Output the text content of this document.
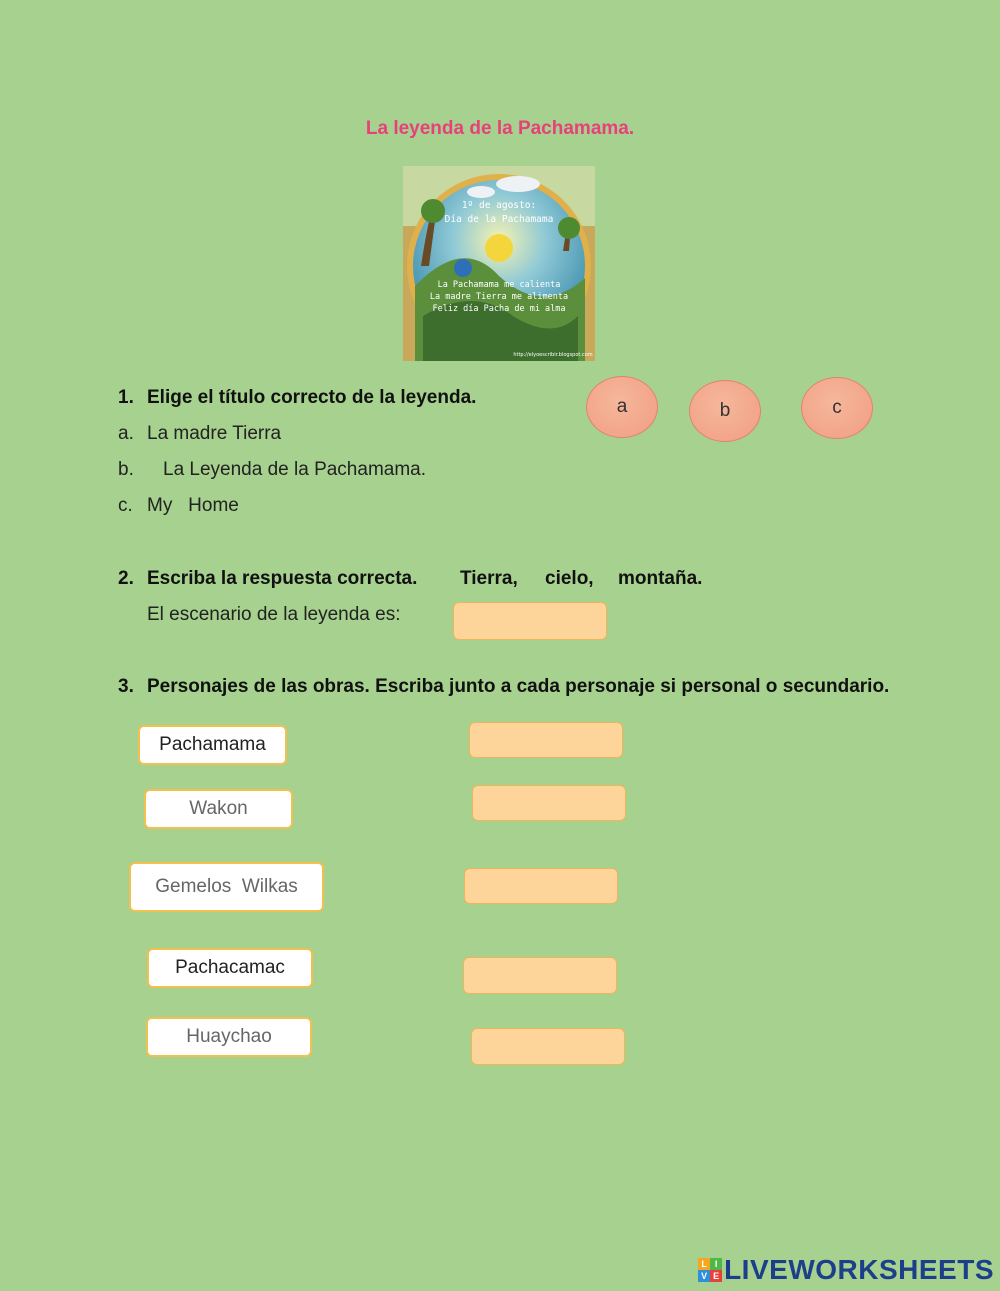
La leyenda de la Pachamama.
1º de agosto:
Día de la Pachamama
La Pachamama me calienta
La madre Tierra me alimenta
Feliz día Pacha de mi alma
http://elyoescribir.blogspot.com
1. Elige el título correcto de la leyenda.
a. La madre Tierra
b. La Leyenda de la Pachamama.
c. My   Home
a	b	c
2. Escriba la respuesta correcta. Tierra, cielo, montaña.
El escenario de la leyenda es:
3. Personajes de las obras. Escriba junto a cada personaje si personal o secundario.
Pachamama
Wakon
Gemelos  Wilkas
Pachacamac
Huaychao
L I
V E LIVEWORKSHEETS
